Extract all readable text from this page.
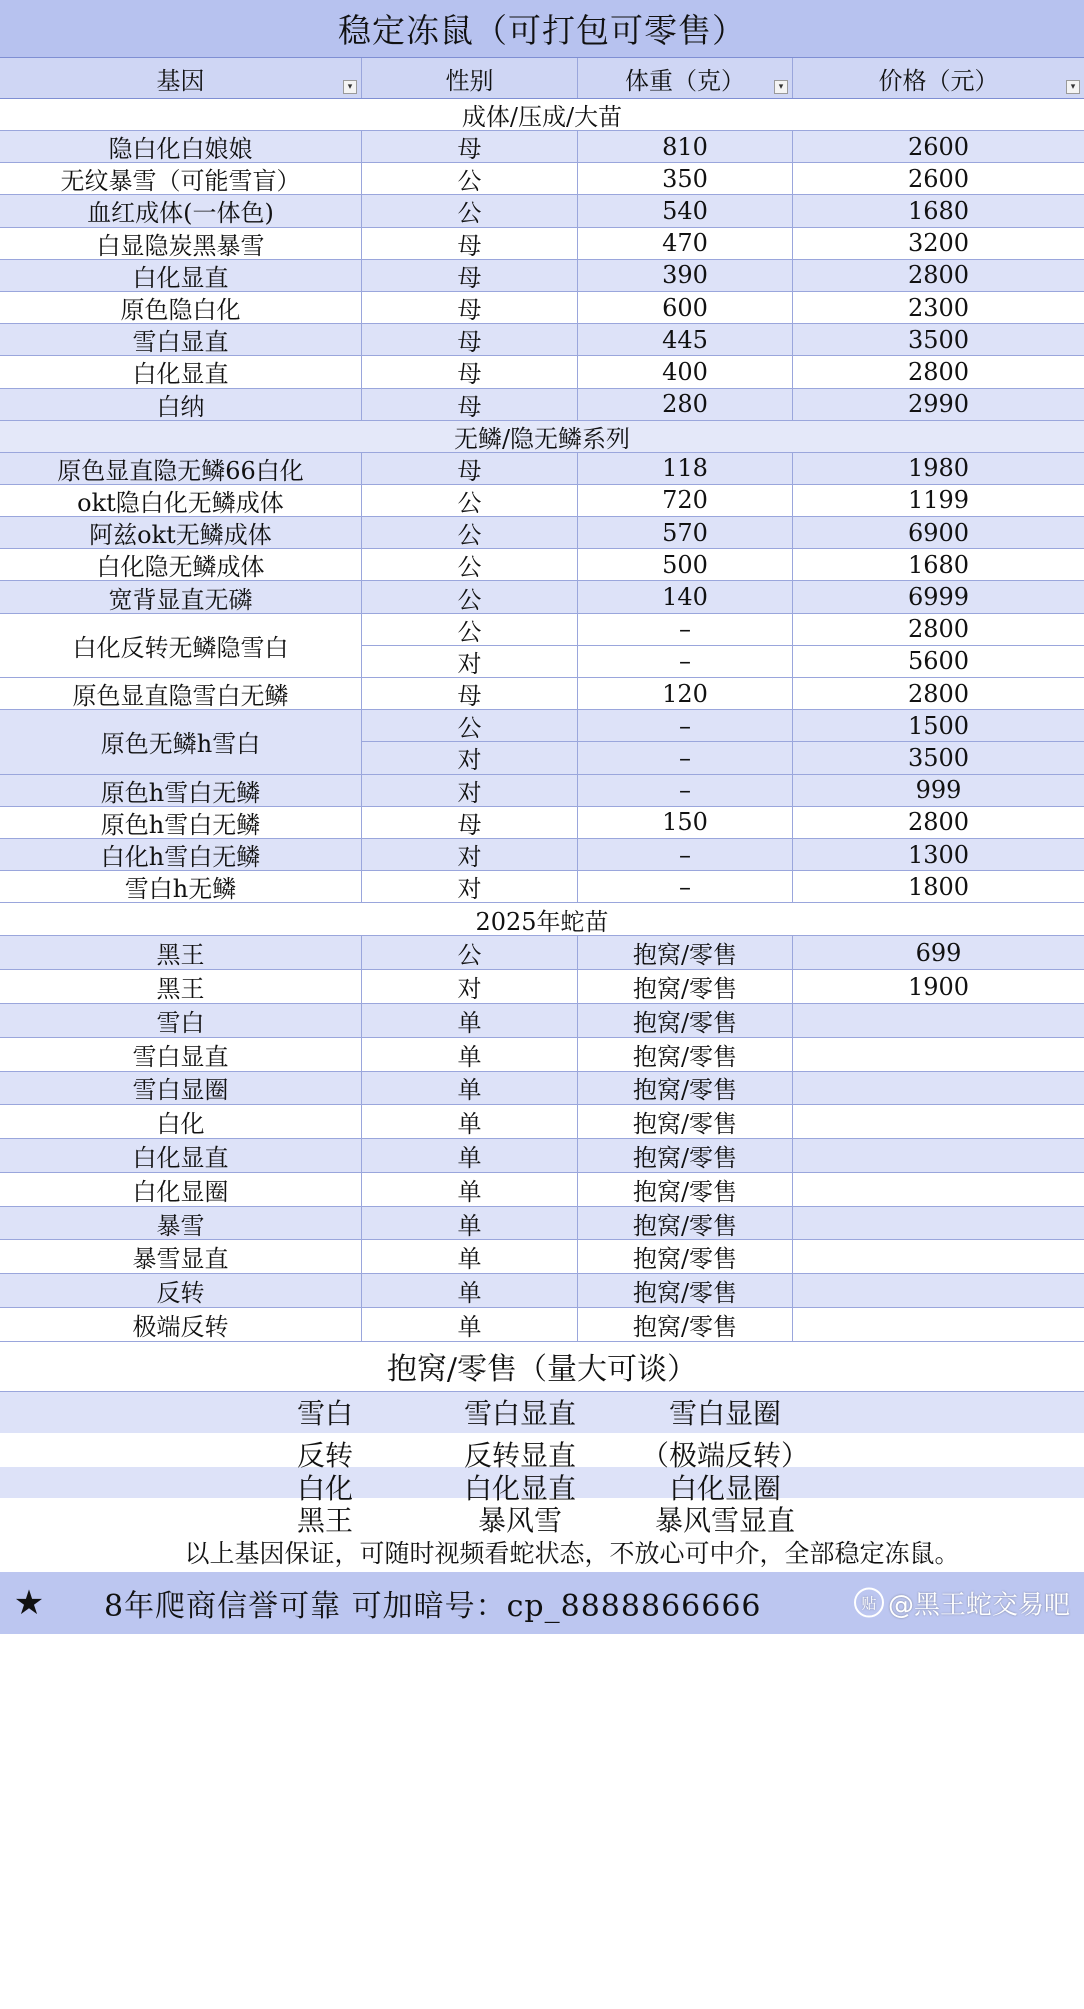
稳定冻鼠（可打包可零售）
基因	▾	性别	体重（克）	▾	价格（元）	▾
成体/压成/大苗
隐白化白娘娘	母	810	2600
无纹暴雪（可能雪盲）	公	350	2600
血红成体(一体色)	公	540	1680
白显隐炭黑暴雪	母	470	3200
白化显直	母	390	2800
原色隐白化	母	600	2300
雪白显直	母	445	3500
白化显直	母	400	2800
白纳	母	280	2990
无鳞/隐无鳞系列
原色显直隐无鳞66白化	母	118	1980
okt隐白化无鳞成体	公	720	1199
阿兹okt无鳞成体	公	570	6900
白化隐无鳞成体	公	500	1680
宽背显直无磷	公	140	6999
白化反转无鳞隐雪白
公	–	2800
对	–	5600
原色显直隐雪白无鳞	母	120	2800
原色无鳞h雪白
公	–	1500
对	–	3500
原色h雪白无鳞	对	–	999
原色h雪白无鳞	母	150	2800
白化h雪白无鳞	对	–	1300
雪白h无鳞	对	–	1800
2025年蛇苗
黑王	公	抱窝/零售	699
黑王	对	抱窝/零售	1900
雪白	单	抱窝/零售
雪白显直	单	抱窝/零售
雪白显圈	单	抱窝/零售
白化	单	抱窝/零售
白化显直	单	抱窝/零售
白化显圈	单	抱窝/零售
暴雪	单	抱窝/零售
暴雪显直	单	抱窝/零售
反转	单	抱窝/零售
极端反转	单	抱窝/零售
抱窝/零售（量大可谈）
雪白	雪白显直	雪白显圈
反转	反转显直	（极端反转）
白化	白化显直	白化显圈
黑王	暴风雪	暴风雪显直
以上基因保证，可随时视频看蛇状态，不放心可中介，全部稳定冻鼠。
★	8年爬商信誉可靠 可加暗号：cp_8888866666	贴 @黑王蛇交易吧
